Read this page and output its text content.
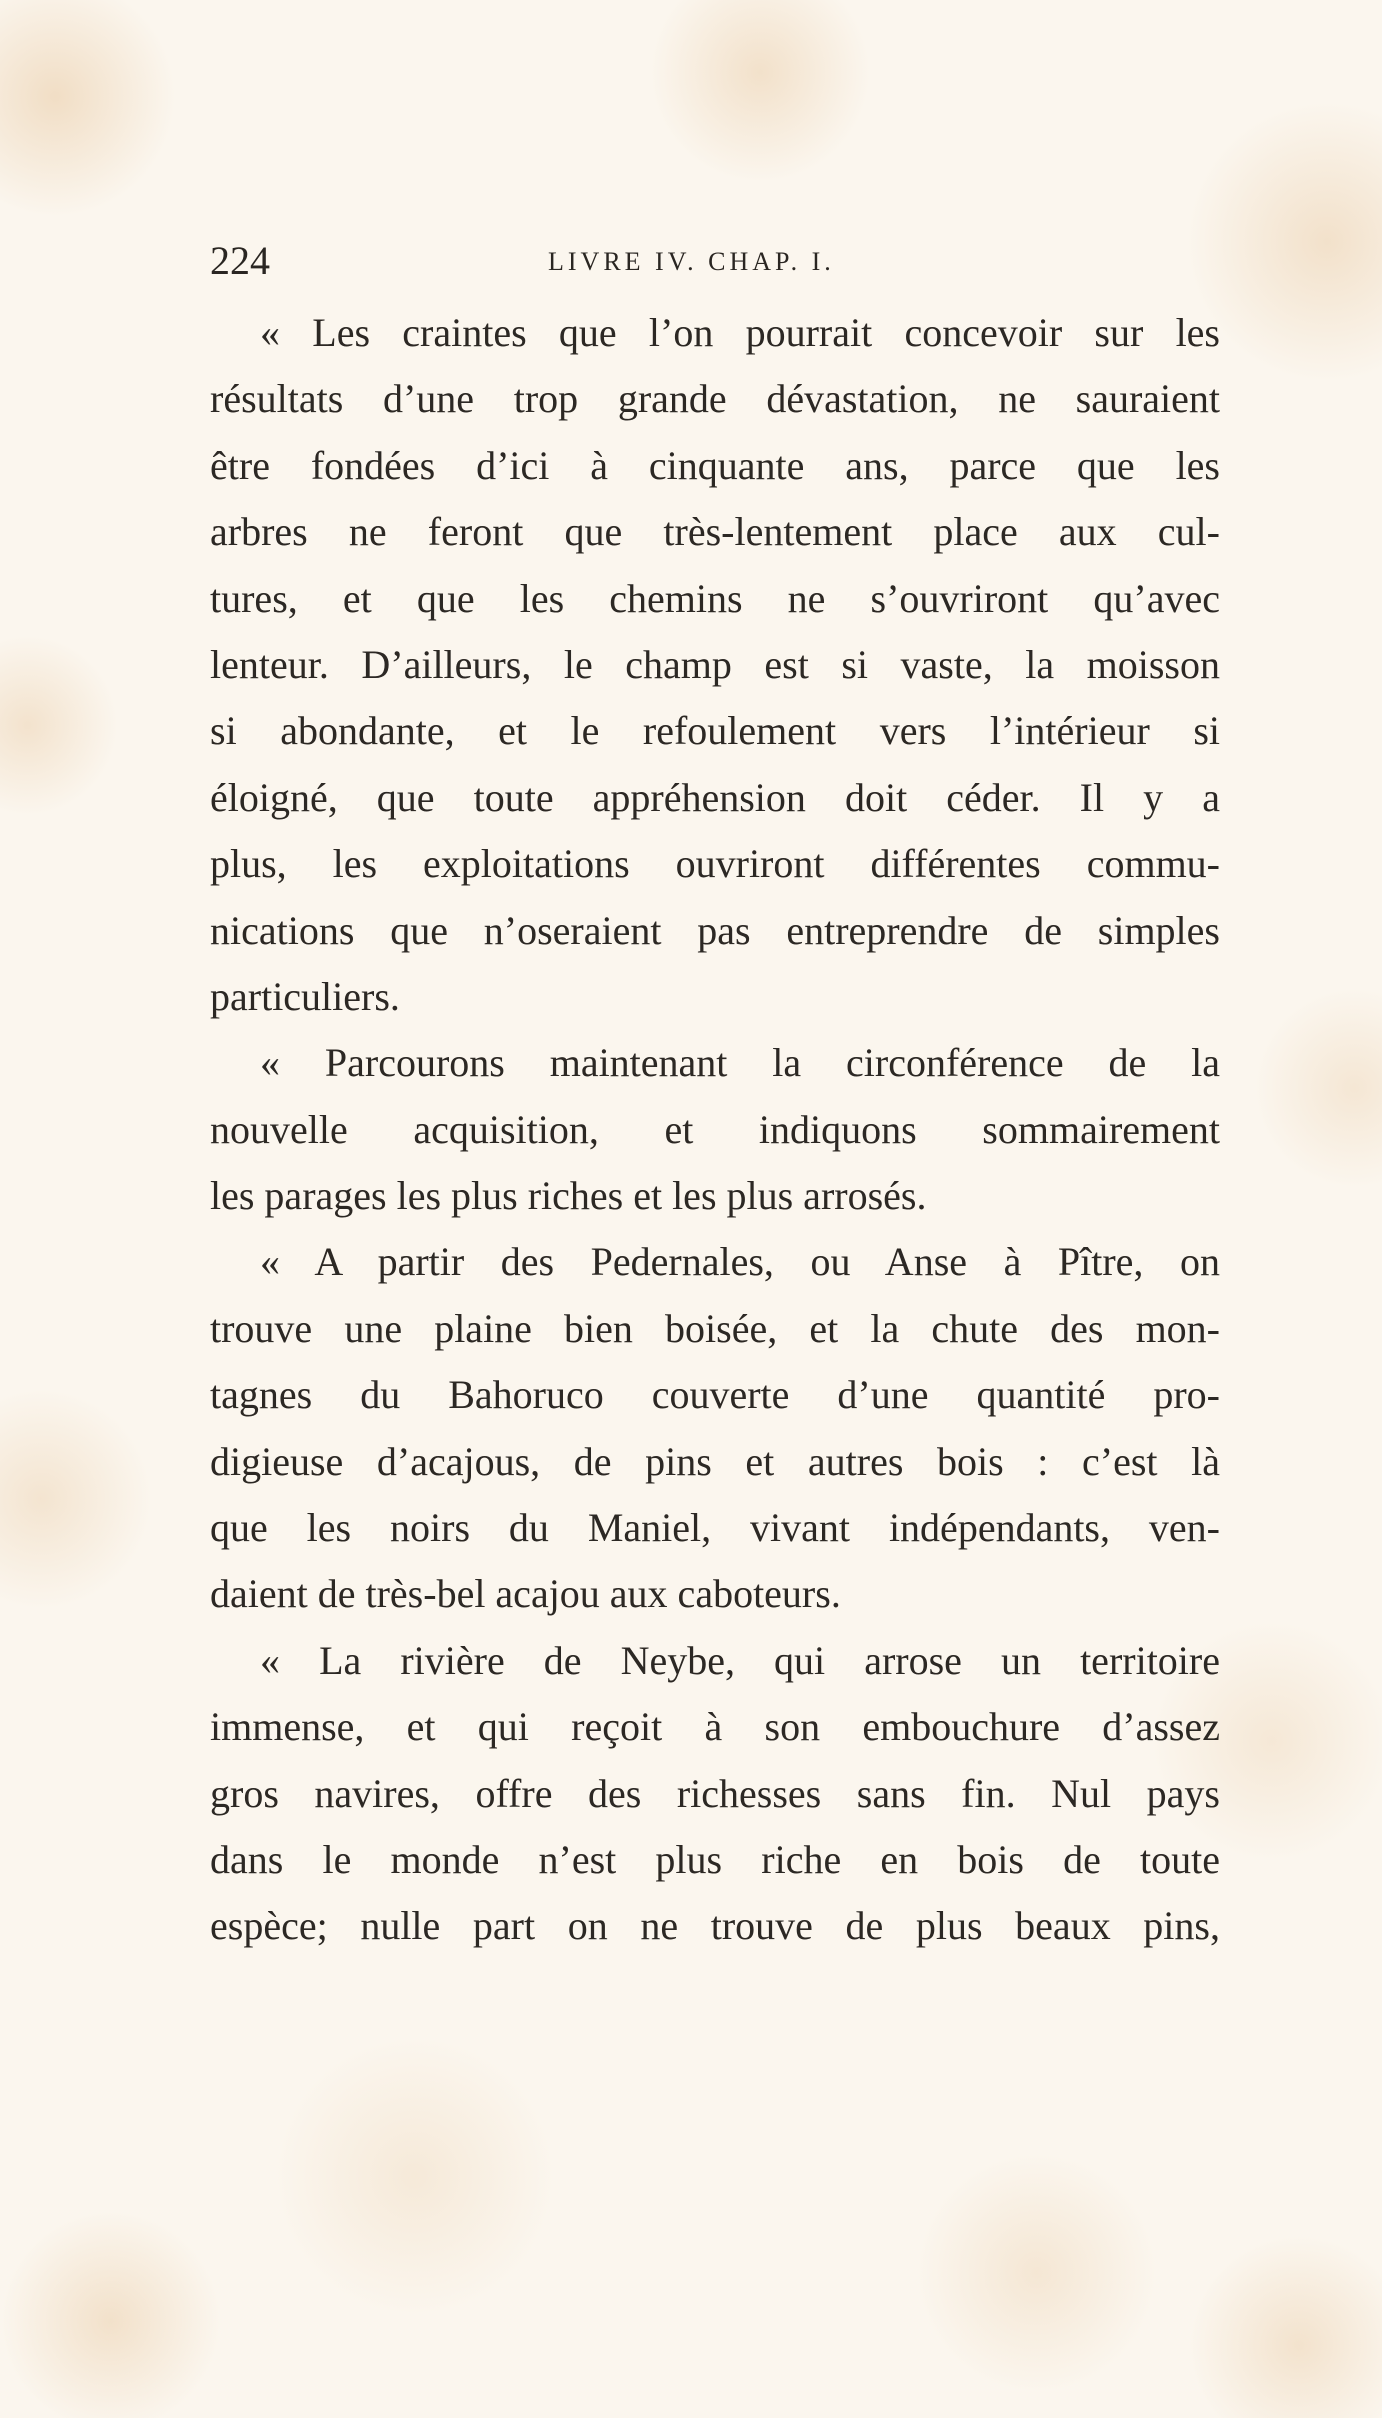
224	LIVRE IV. CHAP. I.
« Les craintes que l’on pourrait concevoir sur les
résultats d’une trop grande dévastation, ne sauraient
être fondées d’ici à cinquante ans, parce que les
arbres ne feront que très-lentement place aux cul-
tures, et que les chemins ne s’ouvriront qu’avec
lenteur. D’ailleurs, le champ est si vaste, la moisson
si abondante, et le refoulement vers l’intérieur si
éloigné, que toute appréhension doit céder. Il y a
plus, les exploitations ouvriront différentes commu-
nications que n’oseraient pas entreprendre de simples
particuliers.
« Parcourons maintenant la circonférence de la
nouvelle acquisition, et indiquons sommairement
les parages les plus riches et les plus arrosés.
« A partir des Pedernales, ou Anse à Pître, on
trouve une plaine bien boisée, et la chute des mon-
tagnes du Bahoruco couverte d’une quantité pro-
digieuse d’acajous, de pins et autres bois : c’est là
que les noirs du Maniel, vivant indépendants, ven-
daient de très-bel acajou aux caboteurs.
« La rivière de Neybe, qui arrose un territoire
immense, et qui reçoit à son embouchure d’assez
gros navires, offre des richesses sans fin. Nul pays
dans le monde n’est plus riche en bois de toute
espèce; nulle part on ne trouve de plus beaux pins,
